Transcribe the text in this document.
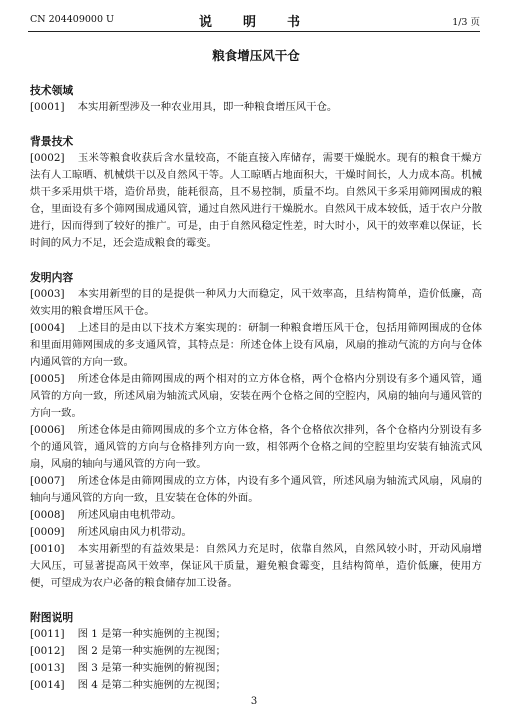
CN 204409000 U	说　明　书	1/3 页
粮食增压风干仓
技术领域

[0001] 本实用新型涉及一种农业用具，即一种粮食增压风干仓。

背景技术

[0002] 玉米等粮食收获后含水量较高，不能直接入库储存，需要干燥脱水。现有的粮食干燥方法有人工晾晒、机械烘干以及自然风干等。人工晾晒占地面积大，干燥时间长，人力成本高。机械烘干多采用烘干塔，造价昂贵，能耗很高，且不易控制，质量不均。自然风干多采用筛网围成的粮仓，里面设有多个筛网围成通风管，通过自然风进行干燥脱水。自然风干成本较低，适于农户分散进行，因而得到了较好的推广。可是，由于自然风稳定性差，时大时小，风干的效率难以保证，长时间的风力不足，还会造成粮食的霉变。

发明内容

[0003] 本实用新型的目的是提供一种风力大而稳定，风干效率高，且结构简单，造价低廉，高效实用的粮食增压风干仓。

[0004] 上述目的是由以下技术方案实现的：研制一种粮食增压风干仓，包括用筛网围成的仓体和里面用筛网围成的多支通风管，其特点是：所述仓体上设有风扇，风扇的推动气流的方向与仓体内通风管的方向一致。

[0005] 所述仓体是由筛网围成的两个相对的立方体仓格，两个仓格内分别设有多个通风管，通风管的方向一致，所述风扇为轴流式风扇，安装在两个仓格之间的空腔内，风扇的轴向与通风管的方向一致。

[0006] 所述仓体是由筛网围成的多个立方体仓格，各个仓格依次排列，各个仓格内分别设有多个的通风管，通风管的方向与仓格排列方向一致，相邻两个仓格之间的空腔里均安装有轴流式风扇，风扇的轴向与通风管的方向一致。

[0007] 所述仓体是由筛网围成的立方体，内设有多个通风管，所述风扇为轴流式风扇，风扇的轴向与通风管的方向一致，且安装在仓体的外面。

[0008] 所述风扇由电机带动。

[0009] 所述风扇由风力机带动。

[0010] 本实用新型的有益效果是：自然风力充足时，依靠自然风，自然风较小时，开动风扇增大风压，可显著提高风干效率，保证风干质量，避免粮食霉变，且结构简单，造价低廉，使用方便，可望成为农户必备的粮食储存加工设备。

附图说明

[0011] 图 1 是第一种实施例的主视图；

[0012] 图 2 是第一种实施例的左视图；

[0013] 图 3 是第一种实施例的俯视图；

[0014] 图 4 是第二种实施例的左视图；

3
